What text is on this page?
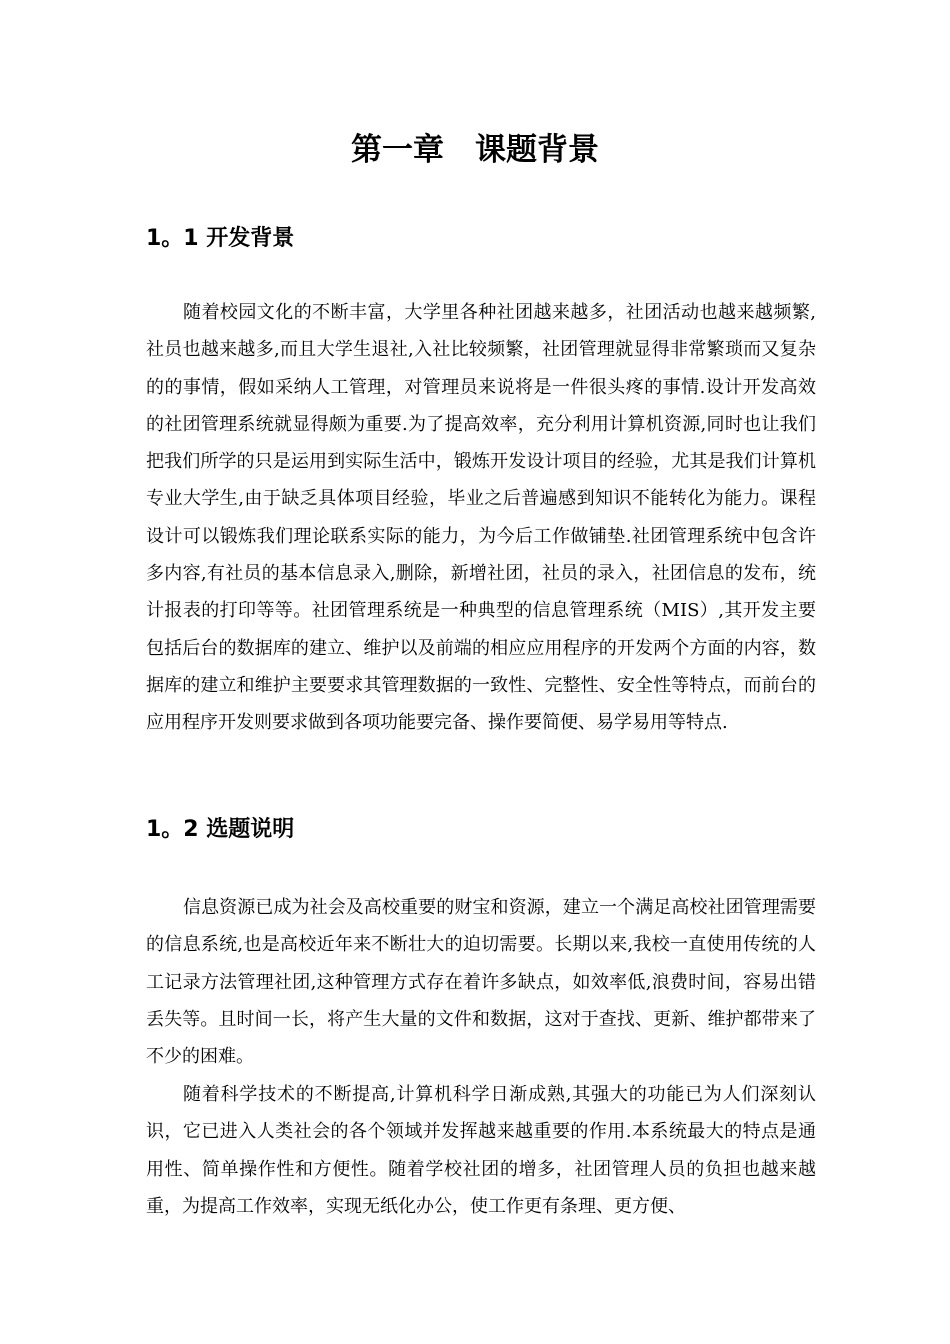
第一章　课题背景
1。1 开发背景

随着校园文化的不断丰富，大学里各种社团越来越多，社团活动也越来越频繁,社员也越来越多,而且大学生退社,入社比较频繁，社团管理就显得非常繁琐而又复杂的的事情，假如采纳人工管理，对管理员来说将是一件很头疼的事情.设计开发高效的社团管理系统就显得颇为重要.为了提高效率，充分利用计算机资源,同时也让我们把我们所学的只是运用到实际生活中，锻炼开发设计项目的经验，尤其是我们计算机专业大学生,由于缺乏具体项目经验，毕业之后普遍感到知识不能转化为能力。课程设计可以锻炼我们理论联系实际的能力，为今后工作做铺垫.社团管理系统中包含许多内容,有社员的基本信息录入,删除，新增社团，社员的录入，社团信息的发布，统计报表的打印等等。社团管理系统是一种典型的信息管理系统（MIS）,其开发主要包括后台的数据库的建立、维护以及前端的相应应用程序的开发两个方面的内容，数据库的建立和维护主要要求其管理数据的一致性、完整性、安全性等特点，而前台的应用程序开发则要求做到各项功能要完备、操作要简便、易学易用等特点.

1。2 选题说明

信息资源已成为社会及高校重要的财宝和资源，建立一个满足高校社团管理需要的信息系统,也是高校近年来不断壮大的迫切需要。长期以来,我校一直使用传统的人工记录方法管理社团,这种管理方式存在着许多缺点，如效率低,浪费时间，容易出错丢失等。且时间一长，将产生大量的文件和数据，这对于查找、更新、维护都带来了不少的困难。

随着科学技术的不断提高,计算机科学日渐成熟,其强大的功能已为人们深刻认识，它已进入人类社会的各个领域并发挥越来越重要的作用.本系统最大的特点是通用性、简单操作性和方便性。随着学校社团的增多，社团管理人员的负担也越来越重，为提高工作效率，实现无纸化办公，使工作更有条理、更方便、
